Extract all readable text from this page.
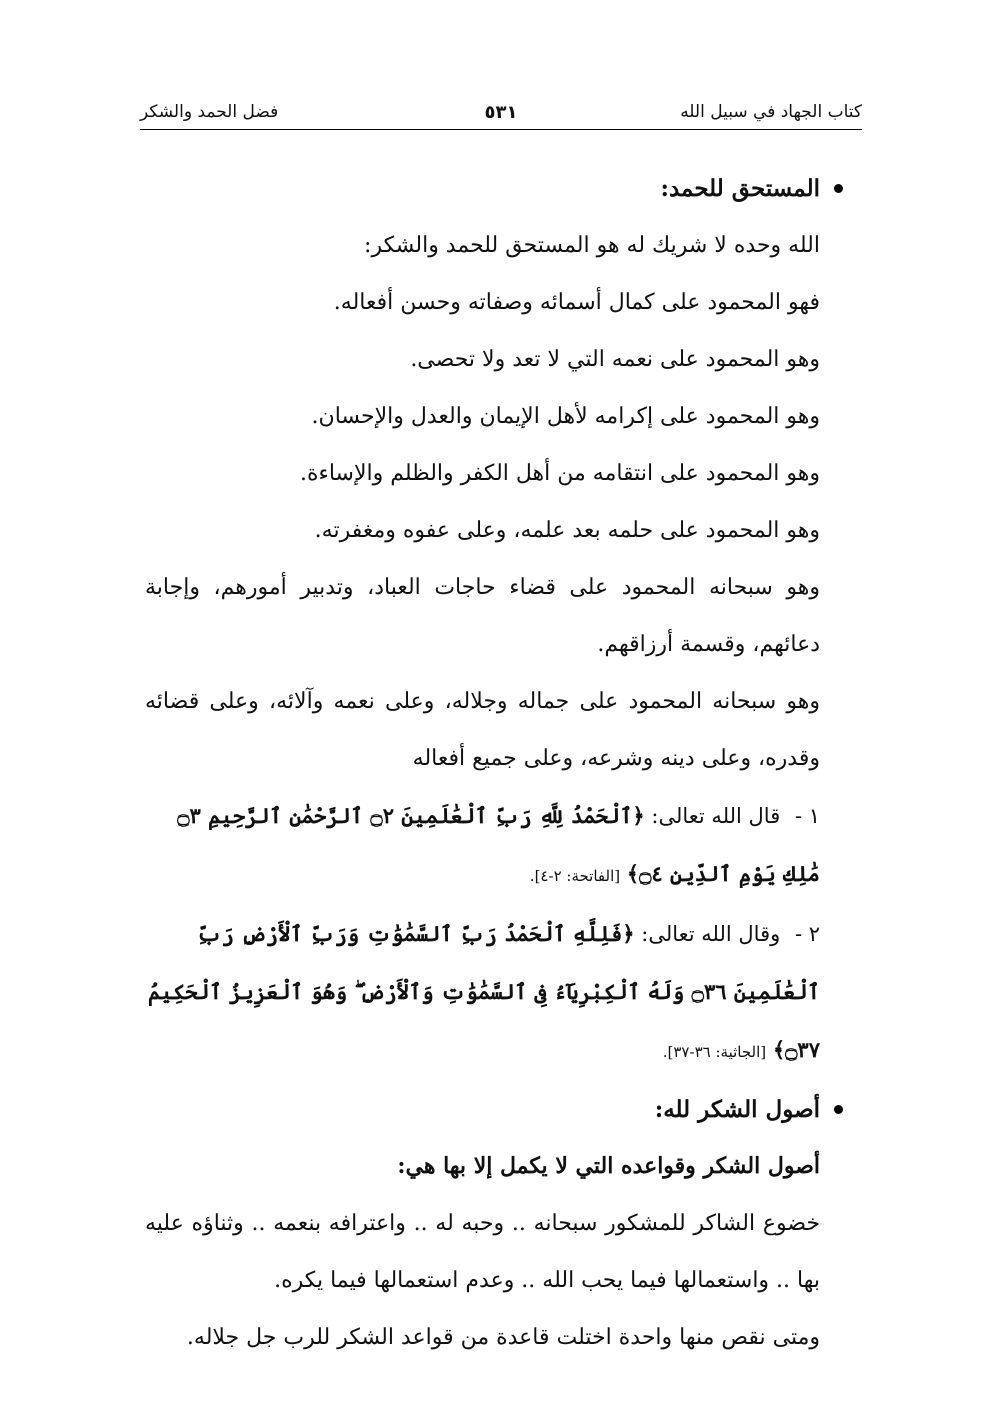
كتاب الجهاد في سبيل الله
٥٣١
فضل الحمد والشكر
المستحق للحمد:
الله وحده لا شريك له هو المستحق للحمد والشكر:
فهو المحمود على كمال أسمائه وصفاته وحسن أفعاله.
وهو المحمود على نعمه التي لا تعد ولا تحصى.
وهو المحمود على إكرامه لأهل الإيمان والعدل والإحسان.
وهو المحمود على انتقامه من أهل الكفر والظلم والإساءة.
وهو المحمود على حلمه بعد علمه، وعلى عفوه ومغفرته.
وهو سبحانه المحمود على قضاء حاجات العباد، وتدبير أمورهم، وإجابة دعائهم، وقسمة أرزاقهم.
وهو سبحانه المحمود على جماله وجلاله، وعلى نعمه وآلائه، وعلى قضائه وقدره، وعلى دينه وشرعه، وعلى جميع أفعاله
١ - قال الله تعالى: ﴿ٱلْحَمْدُ لِلَّهِ رَبِّ ٱلْعَٰلَمِينَ ۝٢ ٱلرَّحْمَٰنِ ٱلرَّحِيمِ ۝٣ مَٰلِكِ يَوْمِ ٱلدِّينِ ۝٤﴾ [الفاتحة: ٢-٤].
٢ - وقال الله تعالى: ﴿فَلِلَّهِ ٱلْحَمْدُ رَبِّ ٱلسَّمَٰوَٰتِ وَرَبِّ ٱلْأَرْضِ رَبِّ ٱلْعَٰلَمِينَ ۝٣٦ وَلَهُ ٱلْكِبْرِيَآءُ فِى ٱلسَّمَٰوَٰتِ وَٱلْأَرْضِ ۖ وَهُوَ ٱلْعَزِيزُ ٱلْحَكِيمُ ۝٣٧﴾ [الجاثية: ٣٦-٣٧].
أصول الشكر لله:
أصول الشكر وقواعده التي لا يكمل إلا بها هي:
خضوع الشاكر للمشكور سبحانه .. وحبه له .. واعترافه بنعمه .. وثناؤه عليه بها .. واستعمالها فيما يحب الله .. وعدم استعمالها فيما يكره.
ومتى نقص منها واحدة اختلت قاعدة من قواعد الشكر للرب جل جلاله.
